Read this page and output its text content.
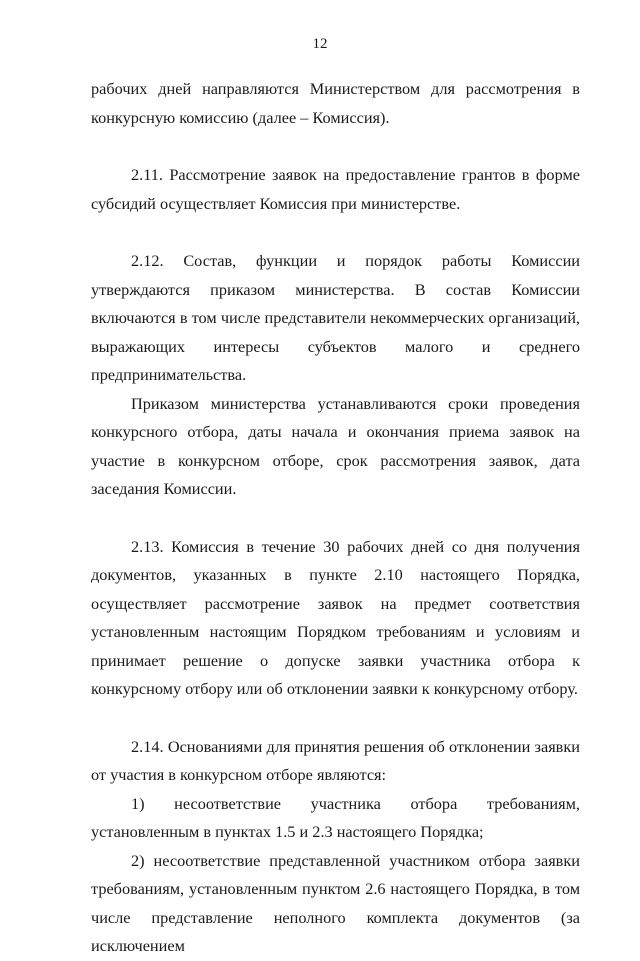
12

рабочих дней направляются Министерством для рассмотрения в конкурсную комиссию (далее – Комиссия).

2.11. Рассмотрение заявок на предоставление грантов в форме субсидий осуществляет Комиссия при министерстве.

2.12. Состав, функции и порядок работы Комиссии утверждаются приказом министерства. В состав Комиссии включаются в том числе представители некоммерческих организаций, выражающих интересы субъектов малого и среднего предпринимательства.

Приказом министерства устанавливаются сроки проведения конкурсного отбора, даты начала и окончания приема заявок на участие в конкурсном отборе, срок рассмотрения заявок, дата заседания Комиссии.

2.13. Комиссия в течение 30 рабочих дней со дня получения документов, указанных в пункте 2.10 настоящего Порядка, осуществляет рассмотрение заявок на предмет соответствия установленным настоящим Порядком требованиям и условиям и принимает решение о допуске заявки участника отбора к конкурсному отбору или об отклонении заявки к конкурсному отбору.

2.14. Основаниями для принятия решения об отклонении заявки от участия в конкурсном отборе являются:

1) несоответствие участника отбора требованиям, установленным в пунктах 1.5 и 2.3 настоящего Порядка;

2) несоответствие представленной участником отбора заявки требованиям, установленным пунктом 2.6 настоящего Порядка, в том числе представление неполного комплекта документов (за исключением
